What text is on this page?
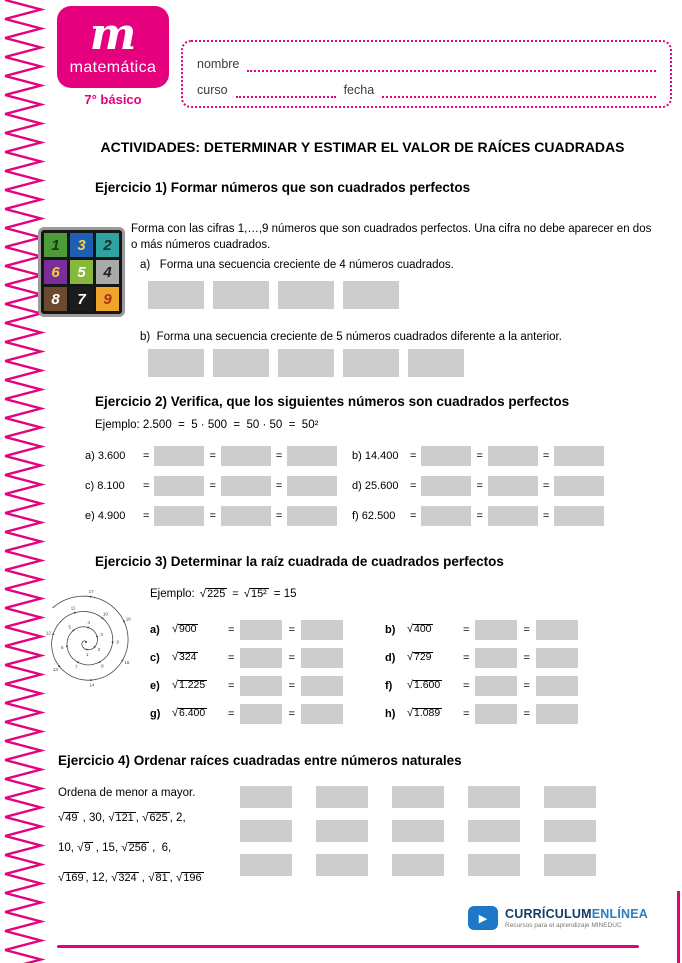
m
matemática
7° básico
nombre
curso	fecha
ACTIVIDADES: DETERMINAR Y ESTIMAR EL VALOR DE RAÍCES CUADRADAS
Ejercicio 1) Formar números que son cuadrados perfectos
1	3	2
6	5	4
8	7	9
Forma con las cifras 1,…,9 números que son cuadrados perfectos. Una cifra no debe aparecer en dos o más números cuadrados.
a)   Forma una secuencia creciente de 4 números cuadrados.
b)  Forma una secuencia creciente de 5 números cuadrados diferente a la anterior.
Ejercicio 2) Verifica, que los siguientes números son cuadrados perfectos
Ejemplo: 2.500  =  5 · 500  =  50 · 50  =  50²
a) 3.600	=	=	=	b) 14.400	=	=	=
c) 8.100	=	=	=	d) 25.600	=	=	=
e) 4.900	=	=	=	f) 62.500	=	=	=
Ejercicio 3) Determinar la raíz cuadrada de cuadrados perfectos
1
2
3
4
5
6
7	8
9
10
11
12
13
14
15
16
17	Ejemplo: √ 225 = √ 15² = 15
a)	√ 900	=	=	b)	√ 400	=	=
c)	√ 324	=	=	d)	√ 729	=	=
e)	√ 1.225 =	=	f)	√ 1.600 =	=
g)	√ 6.400 =	=	h)	√ 1.089 =	=
Ejercicio 4) Ordenar raíces cuadradas entre números naturales
Ordena de menor a mayor.
√ 49 , 30, √ 121 , √ 625 , 2,
10, √ 9 , 15, √ 256 ,  6,
√ 169 , 12, √ 324 , √ 81 , √ 196
▶	CURRÍCULUMENLÍNEA
Recursos para el aprendizaje MINEDUC
